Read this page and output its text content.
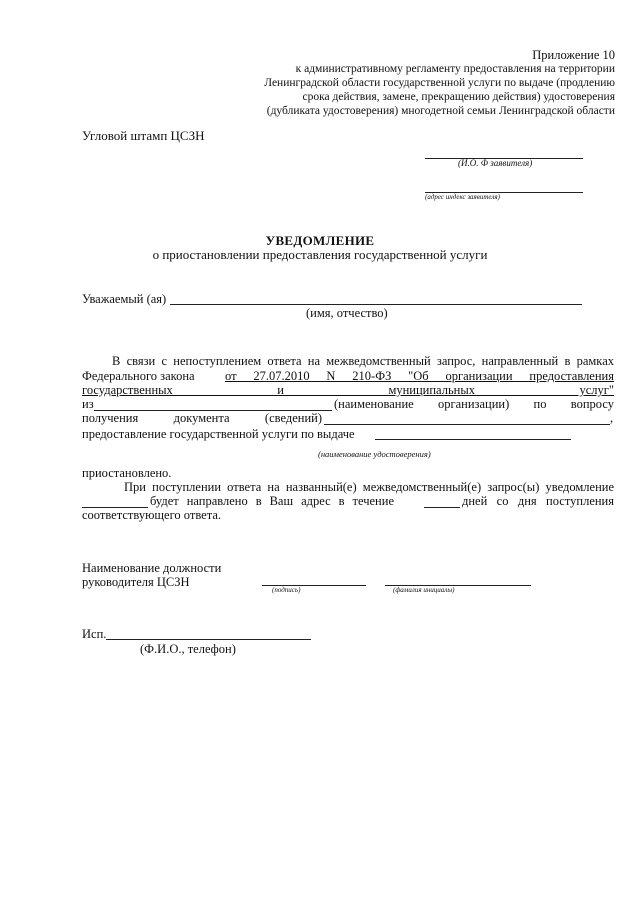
Приложение 10
к административному регламенту предоставления на территории
Ленинградской области государственной услуги по выдаче (продлению
срока действия, замене, прекращению действия) удостоверения
(дубликата удостоверения) многодетной семьи Ленинградской области
Угловой штамп ЦСЗН
(И.О. Ф заявителя)
(адрес индекс заявителя)
УВЕДОМЛЕНИЕ
о приостановлении предоставления государственной услуги
Уважаемый (ая)
(имя, отчество)
В связи с непоступлением ответа на межведомственный запрос, направленный в рамках
Федерального закона от 27.07.2010 N 210-ФЗ "Об организации предоставления
государственных и муниципальных услуг"
из	(наименование организации) по вопросу
получения документа (сведений)	,
предоставление государственной услуги по выдаче
(наименование удостоверения)
приостановлено.
При поступлении ответа на названный(е) межведомственный(е) запрос(ы) уведомление
будет направлено в Ваш адрес в течение	дней со дня поступления
соответствующего ответа.
Наименование должности
руководителя ЦСЗН
(подпись)	(фамилия инициалы)
Исп.
(Ф.И.О., телефон)
